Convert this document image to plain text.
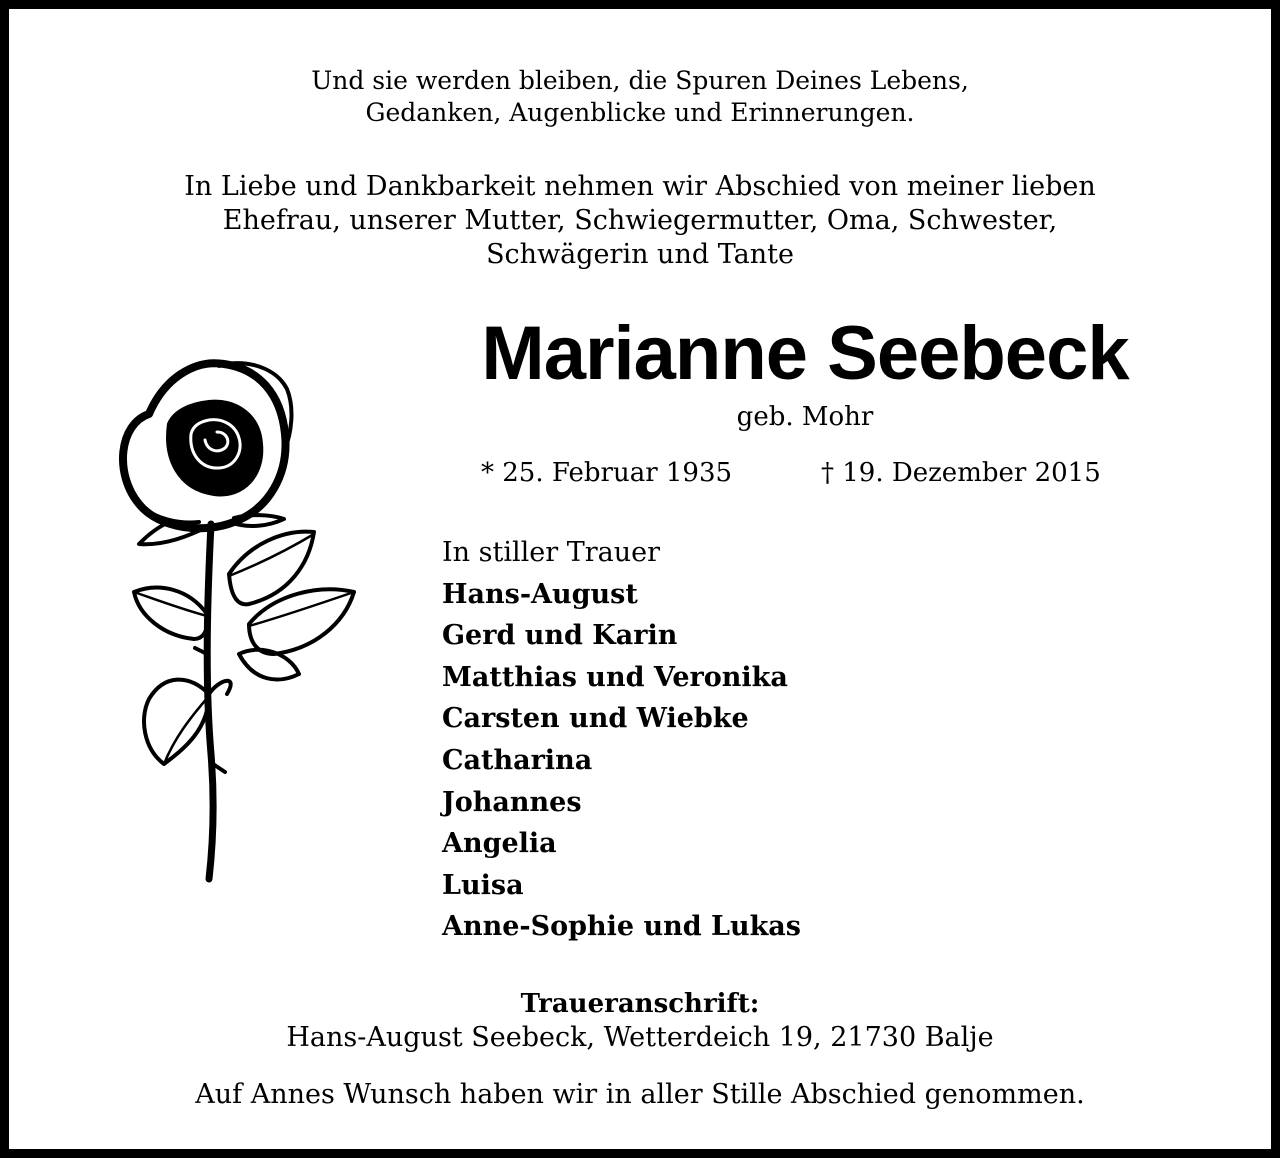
Und sie werden bleiben, die Spuren Deines Lebens,
Gedanken, Augenblicke und Erinnerungen.
In Liebe und Dankbarkeit nehmen wir Abschied von meiner lieben
Ehefrau, unserer Mutter, Schwiegermutter, Oma, Schwester,
Schwägerin und Tante
Marianne Seebeck
geb. Mohr
* 25. Februar 1935	† 19. Dezember 2015
In stiller Trauer
Hans-August
Gerd und Karin
Matthias und Veronika
Carsten und Wiebke
Catharina
Johannes
Angelia
Luisa
Anne-Sophie und Lukas
Traueranschrift:
Hans-August Seebeck, Wetterdeich 19, 21730 Balje
Auf Annes Wunsch haben wir in aller Stille Abschied genommen.
